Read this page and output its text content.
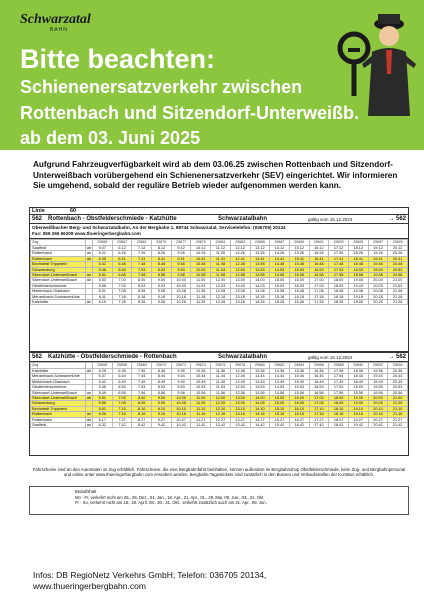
Schwarzatal
BAHN
Bitte beachten:
Schienenersatzverkehr zwischen
Rottenbach und Sitzendorf-Unterweißb.
ab dem 03. Juni 2025
Aufgrund Fahrzeugverfügbarkeit wird ab dem 03.06.25 zwischen Rottenbach und Sitzendorf-Unterweißbach vorübergehend ein Schienenersatzverkehr (SEV) eingerichtet. Wir informieren Sie umgehend, sobald der reguläre Betrieb wieder aufgenommen werden kann.
Linie	60
562 Rottenbach - Obstfelderschmiede - Katzhütte	Schwarzatalbahn	gültig vom 15.12.2024	→ 562
Oberweißbacher Berg- und Schwarzatalbahn, An der Bergbahn 1, 98744 Schwarzatal, Servicetelefon: (036705) 20134
Fax: 069 265 66208 www.thueringerbergbahn.com
Zug		29659	29657	29661	29675	29677	29679	29681	29683	29685	29687	29689	29691	29693	29695	29697	29699
Saalfeld	ab	5.07	6.12	7.12	8.12	9.12	10.12	11.12	12.12	13.12	14.12	15.12	16.12	17.12	18.12	19.12	20.12
Rottenbach	an	5.21	6.26	7.26	8.26	9.26	10.26	11.26	12.26	13.26	14.26	15.26	16.26	17.26	18.26	19.26	20.26
Rottenbach	ab	5.35	6.41	7.41	8.41	9.41	10.41	11.41	12.41	13.41	14.41	15.41	16.41	17.41	18.41	19.41	20.41
Bechstedt Trippstein		5.42	6.48	7.48	8.48	9.48	10.48	11.48	12.48	13.48	14.48	15.48	16.48	17.48	18.48	19.48	20.48
Schwarzburg		5.46	6.53	7.53	8.53	9.53	10.53	11.53	12.53	13.53	14.53	15.53	16.53	17.53	18.53	19.53	20.53
Sitzendorf-Unterweißbach	an	5.51	6.58	7.58	8.58	9.58	10.58	11.58	12.58	13.58	14.58	15.58	16.58	17.58	18.58	19.58	20.58
Sitzendorf-Unterweißbach	ab	5.53	7.00	8.00	9.00	10.00	11.00	12.00	13.00	14.00	15.00	16.00	17.00	18.00	19.00	20.00	21.00
Obstfelderschmiede		5.56	7.03	8.03	9.03	10.03	11.03	12.03	13.03	14.03	15.03	16.03	17.03	18.03	19.03	20.03	21.03
Mellenbach-Glasbach		6.01	7.08	8.08	9.08	10.08	11.08	12.08	13.08	14.08	15.08	16.08	17.08	18.08	19.08	20.08	21.08
Meuselbach-Schwarzmühle		6.11	7.18	8.18	9.18	10.18	11.18	12.18	13.18	14.18	15.18	16.18	17.18	18.18	19.18	20.18	21.18
Katzhütte	an	6.19	7.26	8.26	9.26	10.26	11.26	12.26	13.26	14.26	15.26	16.26	17.26	18.26	19.26	20.26	21.26
562 Katzhütte - Obstfelderschmiede - Rottenbach	Schwarzatalbahn	gültig vom 15.12.2024	→ 562
Zug		29656	29658	29660	29670	29672	29674	29676	29678	29680	29682	29684	29686	29688	29690	29692	29694
Katzhütte	ab	5.29	6.36	7.36	8.36	9.36	10.36	11.36	12.36	13.36	14.36	15.36	16.36	17.36	18.36	19.36	20.36
Meuselbach-Schwarzmühle		5.37	6.44	7.44	8.44	9.44	10.44	11.44	12.44	13.44	14.44	15.44	16.44	17.44	18.44	19.44	20.44
Mellenbach-Glasbach		5.42	6.49	7.49	8.49	9.49	10.49	11.49	12.49	13.49	14.49	15.49	16.49	17.49	18.49	19.49	20.49
Obstfelderschmiede		5.46	6.53	7.53	8.53	9.53	10.53	11.53	12.53	13.53	14.53	15.53	16.53	17.53	18.53	19.53	20.53
Sitzendorf-Unterweißbach	an	5.49	6.56	7.56	8.56	9.56	10.56	11.56	12.56	13.56	14.56	15.56	16.56	17.56	18.56	19.56	20.56
Sitzendorf-Unterweißbach	ab	5.51	7.00	8.00	9.00	10.00	11.00	12.00	13.00	14.00	15.00	16.00	17.00	18.00	19.00	20.00	21.00
Schwarzburg		5.56	7.05	8.05	9.05	10.05	11.05	12.05	13.05	14.05	15.05	16.05	17.05	18.05	19.05	20.05	21.05
Bechstedt Trippstein		6.01	7.10	8.10	9.10	10.10	11.10	12.10	13.10	14.10	15.10	16.10	17.10	18.10	19.10	20.10	21.10
Rottenbach	an	6.06	7.16	8.16	9.16	10.16	11.16	12.16	13.16	14.16	15.16	16.16	17.16	18.16	19.16	20.16	21.16
Rottenbach	ab	6.17	7.27	8.27	9.27	10.27	11.27	12.27	13.27	14.27	15.27	16.27	17.27	18.27	19.27	20.27	21.27
Saalfeld	an	6.32	7.42	8.42	9.42	10.42	11.42	12.42	13.42	14.42	15.42	16.42	17.42	18.42	19.42	20.42	21.42
Fahrscheine sind an den Automaten im Zug erhältlich. Fahrscheine, die eine Bergbahnfahrt beinhalten, können außerdem im Bergbahnshop Obstfelderschmiede, beim Zug- und Bergbahnpersonal und online unter www.thueringerbergbahn.com erworben werden. Bergbahn-Tagestickets sind zusätzlich in den Bussen und Verkaufsstellen der KomBus erhältlich.
Bedarfshalt
Mo - Fr, verkehrt nicht am 25., 26. Dez., 01. Jan., 18. Apr., 21. Apr., 01., 29. Mai, 09. Jun., 03., 31. Okt
Fr - So, verkehrt nicht am 18., 20. April, 08., 30., 31. Okt., verkehrt zusätzlich auch am 21. Apr., 09. Jun.
Infos: DB RegioNetz Verkehrs GmbH; Telefon: 036705 20134,
www.thueringerbergbahn.com
